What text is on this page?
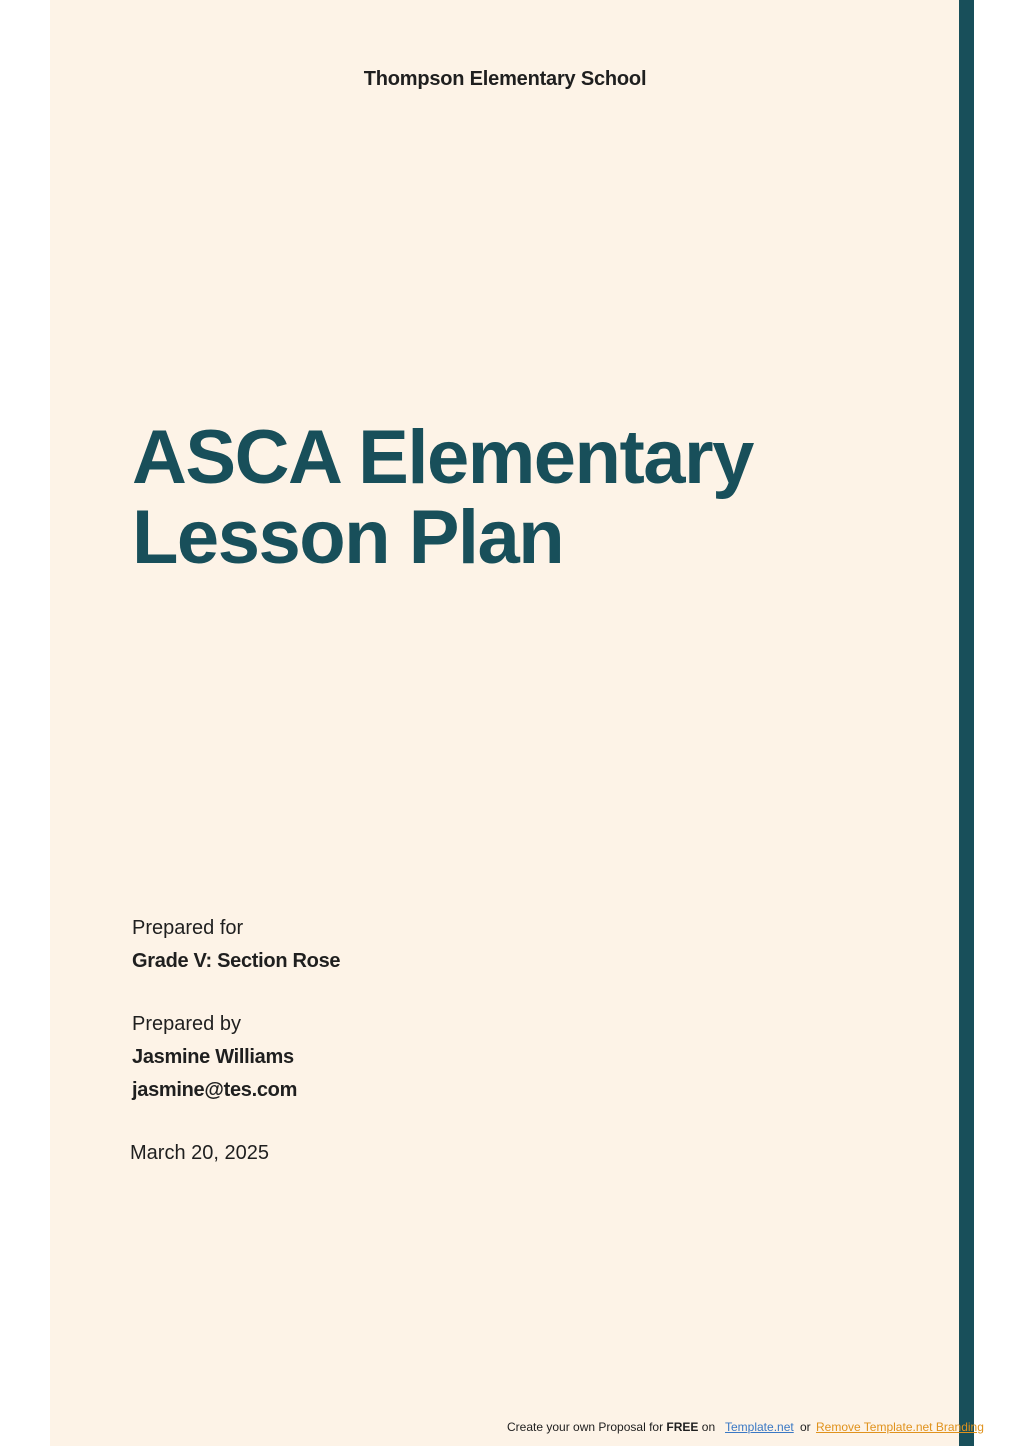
Thompson Elementary School
ASCA Elementary
Lesson Plan
Prepared for
Grade V: Section Rose
Prepared by
Jasmine Williams
jasmine@tes.com
March 20, 2025
Create your own Proposal for FREE on Template.net or Remove Template.net Branding
